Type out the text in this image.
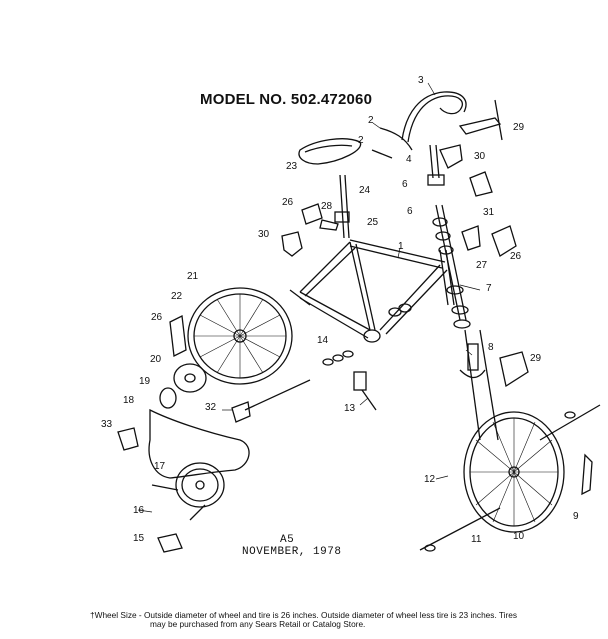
MODEL NO. 502.472060
1
2
2
3
4
6
6
7
8
9
10
11
12
13
14
15
16
17
18
19
20
21
22
23
24
25
26
26
26
27
28
29
29
30
30
31
32
33
A5
NOVEMBER, 1978
†Wheel Size - Outside diameter of wheel and tire is 26 inches. Outside diameter of wheel less tire is 23 inches. Tires
may be purchased from any Sears Retail or Catalog Store.
